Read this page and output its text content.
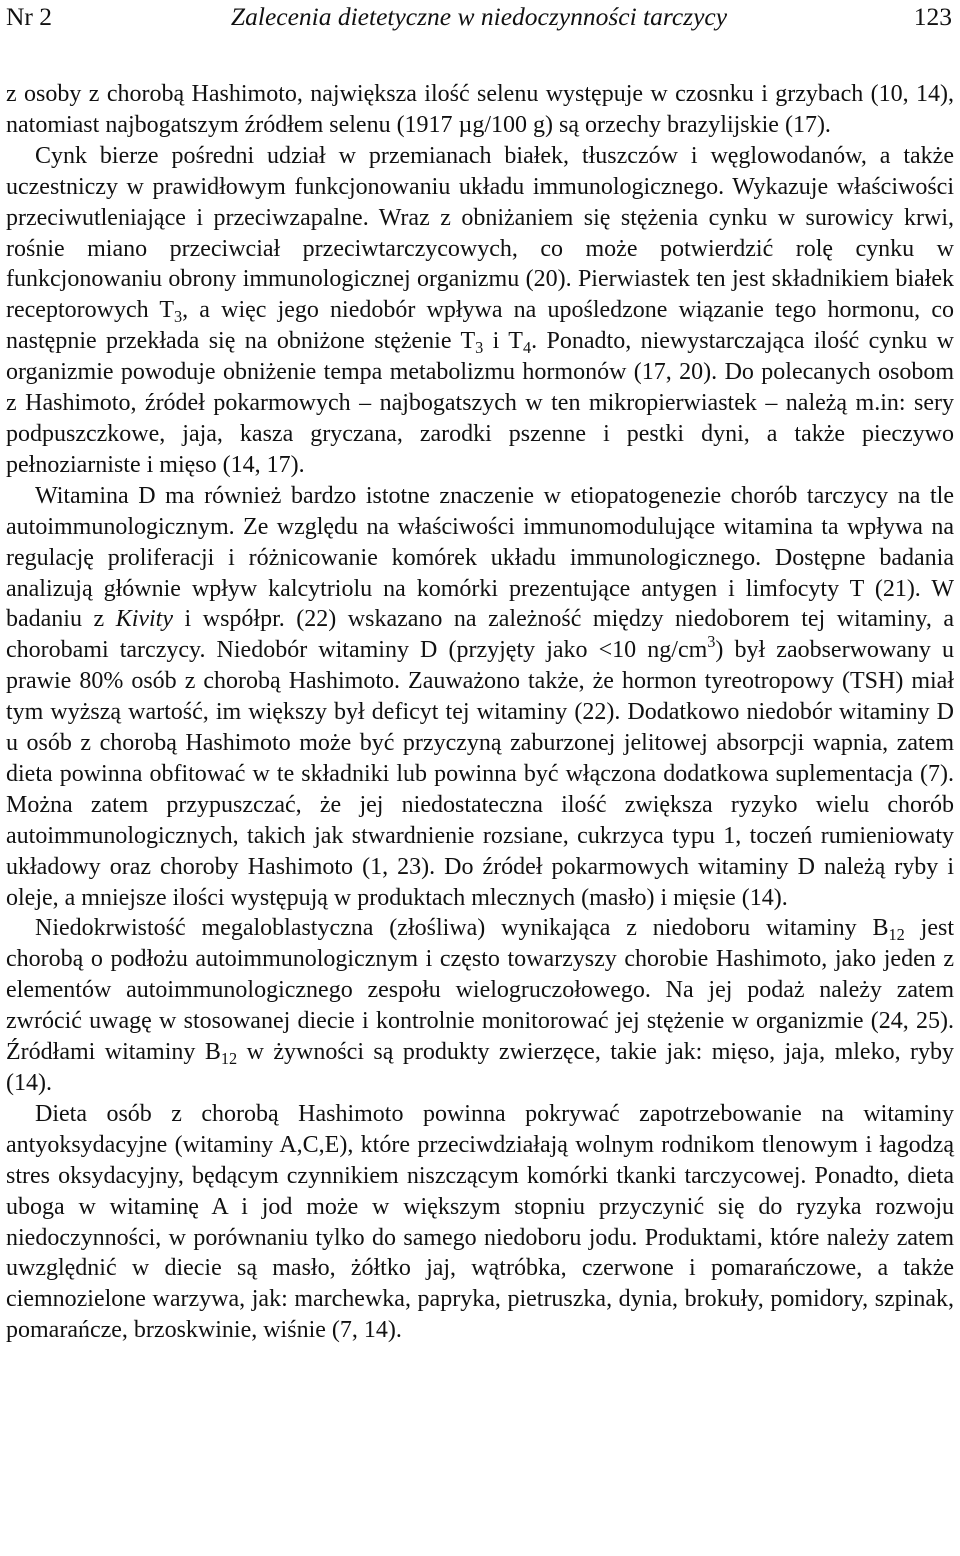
Nr 2	Zalecenia dietetyczne w niedoczynności tarczycy	123

z osoby z chorobą Hashimoto, największa ilość selenu występuje w czosnku i grzybach (10, 14), natomiast najbogatszym źródłem selenu (1917 µg/100 g) są orzechy brazylijskie (17).

Cynk bierze pośredni udział w przemianach białek, tłuszczów i węglowodanów, a także uczestniczy w prawidłowym funkcjonowaniu układu immunologicznego. Wykazuje właściwości przeciwutleniające i przeciwzapalne. Wraz z obniżaniem się stężenia cynku w surowicy krwi, rośnie miano przeciwciał przeciwtarczycowych, co może potwierdzić rolę cynku w funkcjonowaniu obrony immunologicznej organizmu (20). Pierwiastek ten jest składnikiem białek receptorowych $T_3$, a więc jego niedobór wpływa na upośledzone wiązanie tego hormonu, co następnie przekłada się na obniżone stężenie $T_3$ i $T_4$. Ponadto, niewystarczająca ilość cynku w organizmie powoduje obniżenie tempa metabolizmu hormonów (17, 20). Do polecanych osobom z Hashimoto, źródeł pokarmowych – najbogatszych w ten mikropierwiastek – należą m.in: sery podpuszczkowe, jaja, kasza gryczana, zarodki pszenne i pestki dyni, a także pieczywo pełnoziarniste i mięso (14, 17).

Witamina D ma również bardzo istotne znaczenie w etiopatogenezie chorób tarczycy na tle autoimmunologicznym. Ze względu na właściwości immunomodulujące witamina ta wpływa na regulację proliferacji i różnicowanie komórek układu immunologicznego. Dostępne badania analizują głównie wpływ kalcytriolu na komórki prezentujące antygen i limfocyty T (21). W badaniu z Kivity i współpr. (22) wskazano na zależność między niedoborem tej witaminy, a chorobami tarczycy. Niedobór witaminy D (przyjęty jako <10 $ng/cm^3$) był zaobserwowany u prawie 80% osób z chorobą Hashimoto. Zauważono także, że hormon tyreotropowy (TSH) miał tym wyższą wartość, im większy był deficyt tej witaminy (22). Dodatkowo niedobór witaminy D u osób z chorobą Hashimoto może być przyczyną zaburzonej jelitowej absorpcji wapnia, zatem dieta powinna obfitować w te składniki lub powinna być włączona dodatkowa suplementacja (7). Można zatem przypuszczać, że jej niedostateczna ilość zwiększa ryzyko wielu chorób autoimmunologicznych, takich jak stwardnienie rozsiane, cukrzyca typu 1, toczeń rumieniowaty układowy oraz choroby Hashimoto (1, 23). Do źródeł pokarmowych witaminy D należą ryby i oleje, a mniejsze ilości występują w produktach mlecznych (masło) i mięsie (14).

Niedokrwistość megaloblastyczna (złośliwa) wynikająca z niedoboru witaminy $B_{12}$ jest chorobą o podłożu autoimmunologicznym i często towarzyszy chorobie Hashimoto, jako jeden z elementów autoimmunologicznego zespołu wielogruczołowego. Na jej podaż należy zatem zwrócić uwagę w stosowanej diecie i kontrolnie monitorować jej stężenie w organizmie (24, 25). Źródłami witaminy $B_{12}$ w żywności są produkty zwierzęce, takie jak: mięso, jaja, mleko, ryby (14).

Dieta osób z chorobą Hashimoto powinna pokrywać zapotrzebowanie na witaminy antyoksydacyjne (witaminy A,C,E), które przeciwdziałają wolnym rodnikom tlenowym i łagodzą stres oksydacyjny, będącym czynnikiem niszczącym komórki tkanki tarczycowej. Ponadto, dieta uboga w witaminę A i jod może w większym stopniu przyczynić się do ryzyka rozwoju niedoczynności, w porównaniu tylko do samego niedoboru jodu. Produktami, które należy zatem uwzględnić w diecie są masło, żółtko jaj, wątróbka, czerwone i pomarańczowe, a także ciemnozielone warzywa, jak: marchewka, papryka, pietruszka, dynia, brokuły, pomidory, szpinak, pomarańcze, brzoskwinie, wiśnie (7, 14).
